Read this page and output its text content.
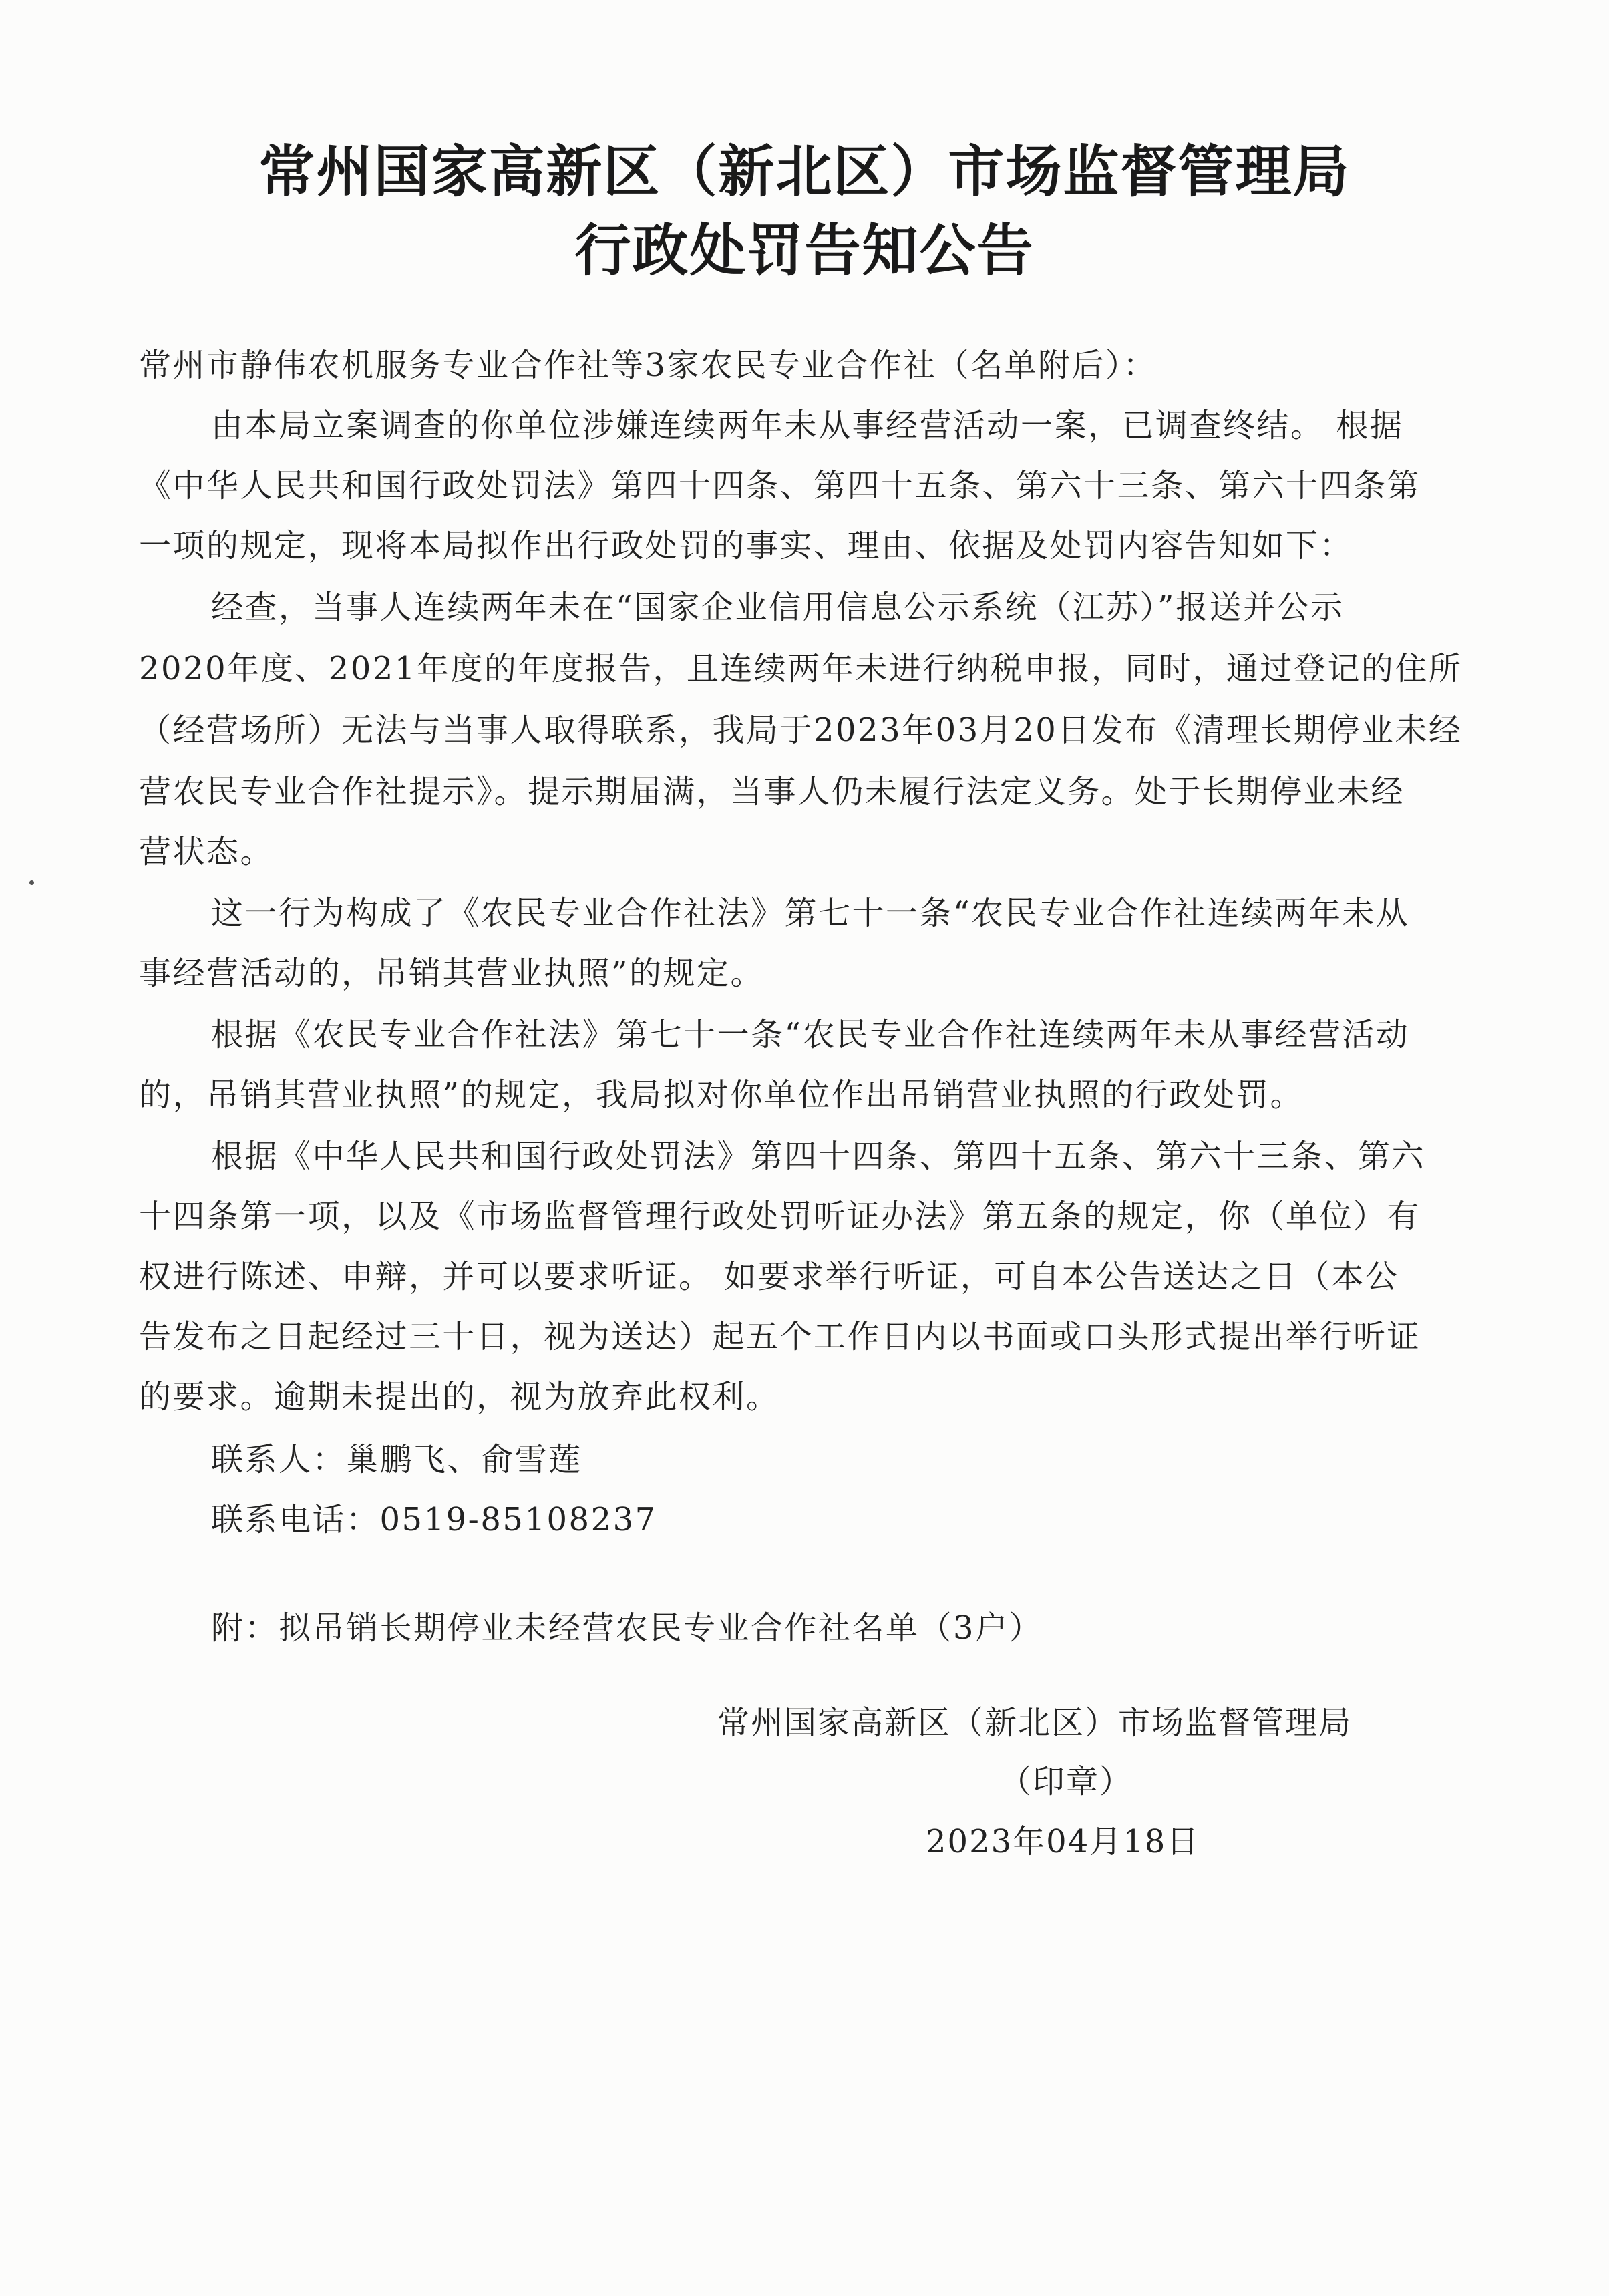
常州国家高新区（新北区）市场监督管理局
行政处罚告知公告
常州市静伟农机服务专业合作社等3家农民专业合作社（名单附后）：
由本局立案调查的你单位涉嫌连续两年未从事经营活动一案，已调查终结。 根据
《中华人民共和国行政处罚法》第四十四条、第四十五条、第六十三条、第六十四条第
一项的规定，现将本局拟作出行政处罚的事实、理由、依据及处罚内容告知如下：
经查，当事人连续两年未在“国家企业信用信息公示系统（江苏）”报送并公示
2020年度、2021年度的年度报告，且连续两年未进行纳税申报，同时，通过登记的住所
（经营场所）无法与当事人取得联系，我局于2023年03月20日发布《清理长期停业未经
营农民专业合作社提示》。提示期届满，当事人仍未履行法定义务。处于长期停业未经
营状态。
这一行为构成了《农民专业合作社法》第七十一条“农民专业合作社连续两年未从
事经营活动的，吊销其营业执照”的规定。
根据《农民专业合作社法》第七十一条“农民专业合作社连续两年未从事经营活动
的，吊销其营业执照”的规定，我局拟对你单位作出吊销营业执照的行政处罚。
根据《中华人民共和国行政处罚法》第四十四条、第四十五条、第六十三条、第六
十四条第一项，以及《市场监督管理行政处罚听证办法》第五条的规定，你（单位）有
权进行陈述、申辩，并可以要求听证。 如要求举行听证，可自本公告送达之日（本公
告发布之日起经过三十日，视为送达）起五个工作日内以书面或口头形式提出举行听证
的要求。逾期未提出的，视为放弃此权利。
联系人：巢鹏飞、俞雪莲
联系电话：0519-85108237
附：拟吊销长期停业未经营农民专业合作社名单（3户）
常州国家高新区（新北区）市场监督管理局
（印章）
2023年04月18日
